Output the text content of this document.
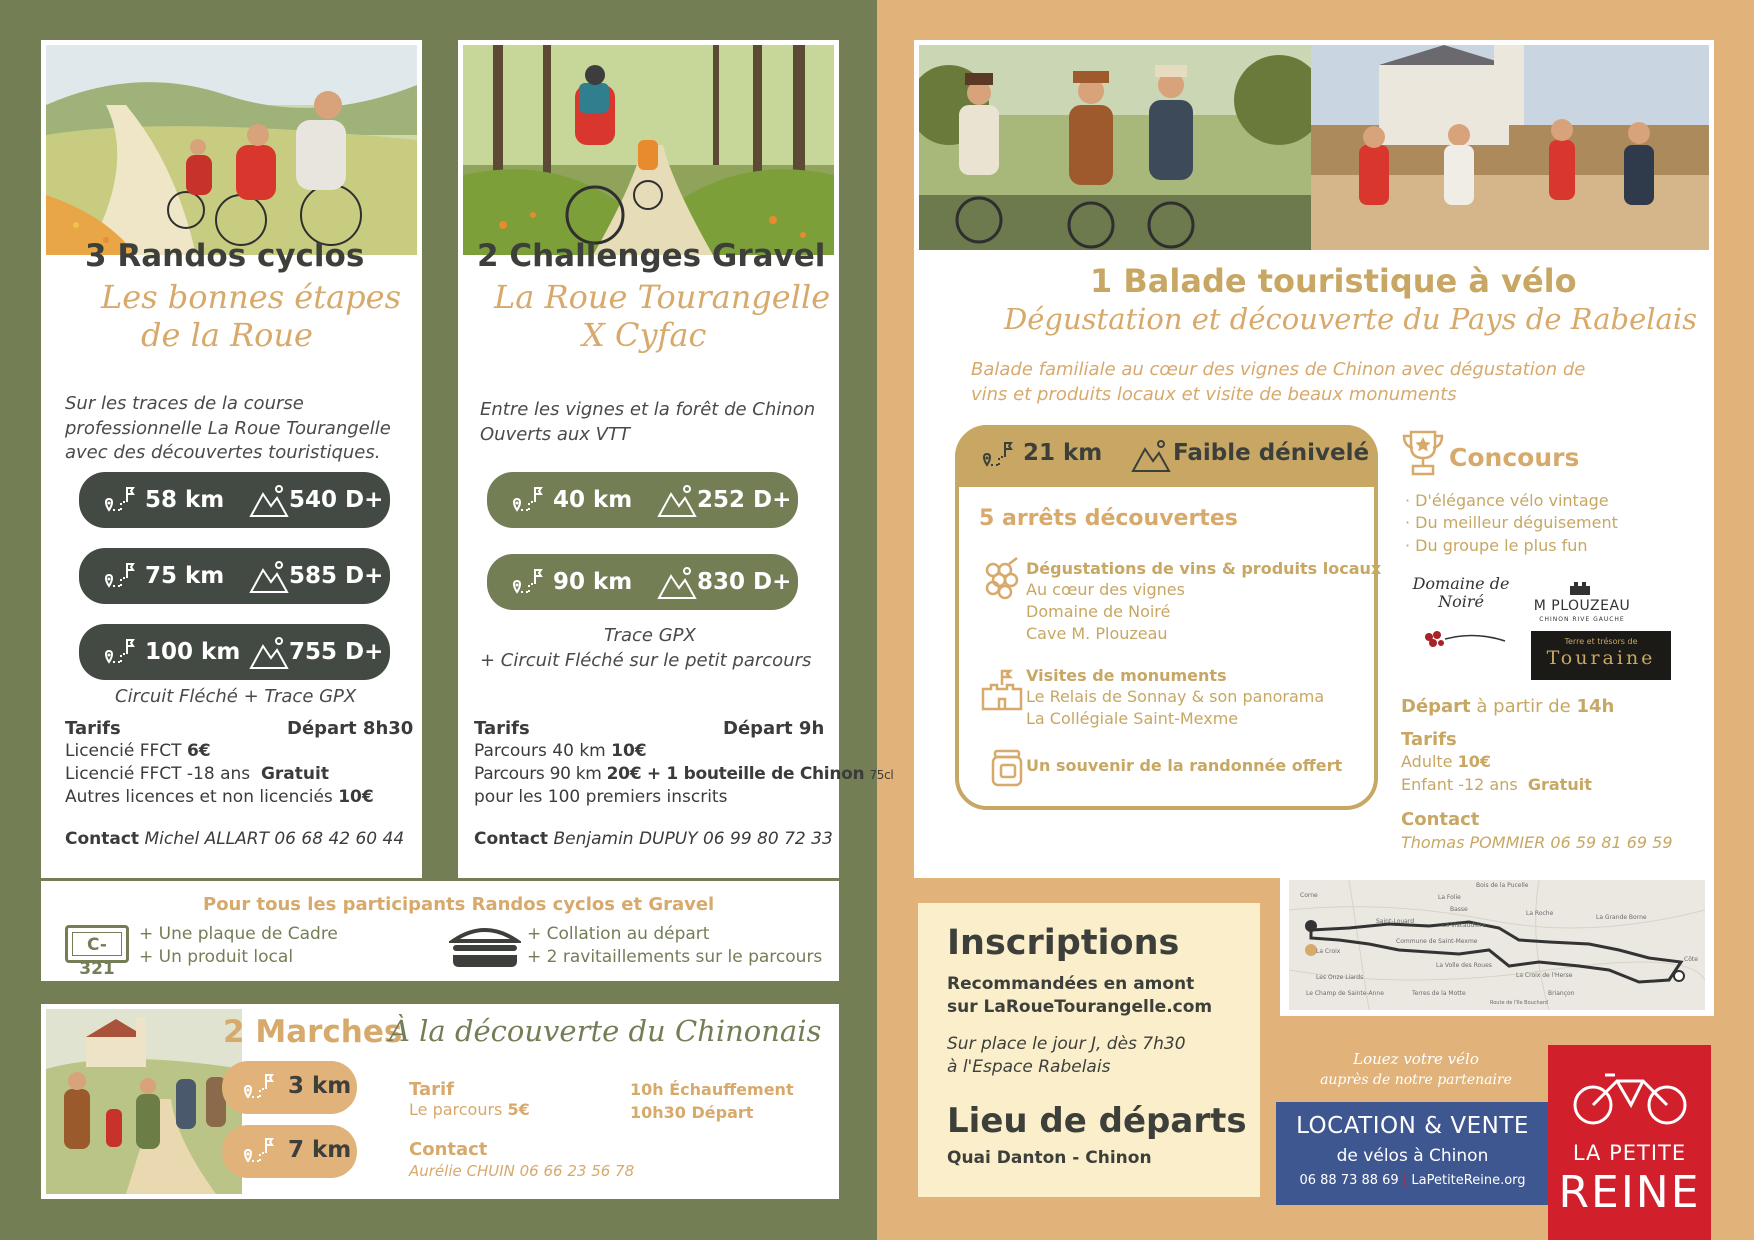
3 Randos cyclos
Les bonnes étapes
de la Roue
Sur les traces de la course
professionnelle La Roue Tourangelle
avec des découvertes touristiques.
58 km	540 D+
75 km	585 D+
100 km 755 D+
Circuit Fléché + Trace GPX
Tarifs	Départ 8h30
Licencié FFCT 6€
Licencié FFCT -18 ans Gratuit
Autres licences et non licenciés 10€
Contact Michel ALLART 06 68 42 60 44
2 Challenges Gravel
La Roue Tourangelle
X Cyfac
Entre les vignes et la forêt de Chinon
Ouverts aux VTT
40 km	252 D+
90 km	830 D+
Trace GPX
+ Circuit Fléché sur le petit parcours
Tarifs	Départ 9h
Parcours 40 km 10€
Parcours 90 km 20€ + 1 bouteille de Chinon 75cl
pour les 100 premiers inscrits
Contact Benjamin DUPUY 06 99 80 72 33
Pour tous les participants Randos cyclos et Gravel
C-321
+ Une plaque de Cadre
+ Un produit local
+ Collation au départ
+ 2 ravitaillements sur le parcours
2 Marches
À la découverte du Chinonais
3 km
7 km
Tarif
Le parcours 5€
10h Échauffement
10h30 Départ
Contact
Aurélie CHUIN 06 66 23 56 78
1 Balade touristique à vélo
Dégustation et découverte du Pays de Rabelais
Balade familiale au cœur des vignes de Chinon avec dégustation de
vins et produits locaux et visite de beaux monuments
21 km	Faible dénivelé
5 arrêts découvertes
Dégustations de vins & produits locaux
Au cœur des vignes
Domaine de Noiré
Cave M. Plouzeau
Visites de monuments
Le Relais de Sonnay & son panorama
La Collégiale Saint-Mexme
Un souvenir de la randonnée offert
Concours
· D'élégance vélo vintage
· Du meilleur déguisement
· Du groupe le plus fun
Domaine de Noiré	M PLOUZEAU
CHINON RIVE GAUCHE
Terre et trésors de
Touraine
Départ à partir de 14h
Tarifs
Adulte 10€
Enfant -12 ans Gratuit
Contact
Thomas POMMIER 06 59 81 69 59
Inscriptions
Recommandées en amont
sur LaRoueTourangelle.com
Sur place le jour J, dès 7h30
à l'Espace Rabelais
Lieu de départs
Quai Danton - Chinon
Corne
Bois de la Pucelle
La Folie
Basse
La Roche
La Grande Borne
Saint-Louard
La Viscaudière
Commune de Saint-Mexme
La Croix
Les Onze Liards
La Volle des Roues
La Croix de l'Herse
Le Champ de Sainte-Anne	Terres de la Motte	Briançon
Route de l'île Bouchard
Côte
Louez votre vélo
auprès de notre partenaire
LOCATION & VENTE
de vélos à Chinon
06 88 73 88 69 | LaPetiteReine.org
LA PETITE
REINE
